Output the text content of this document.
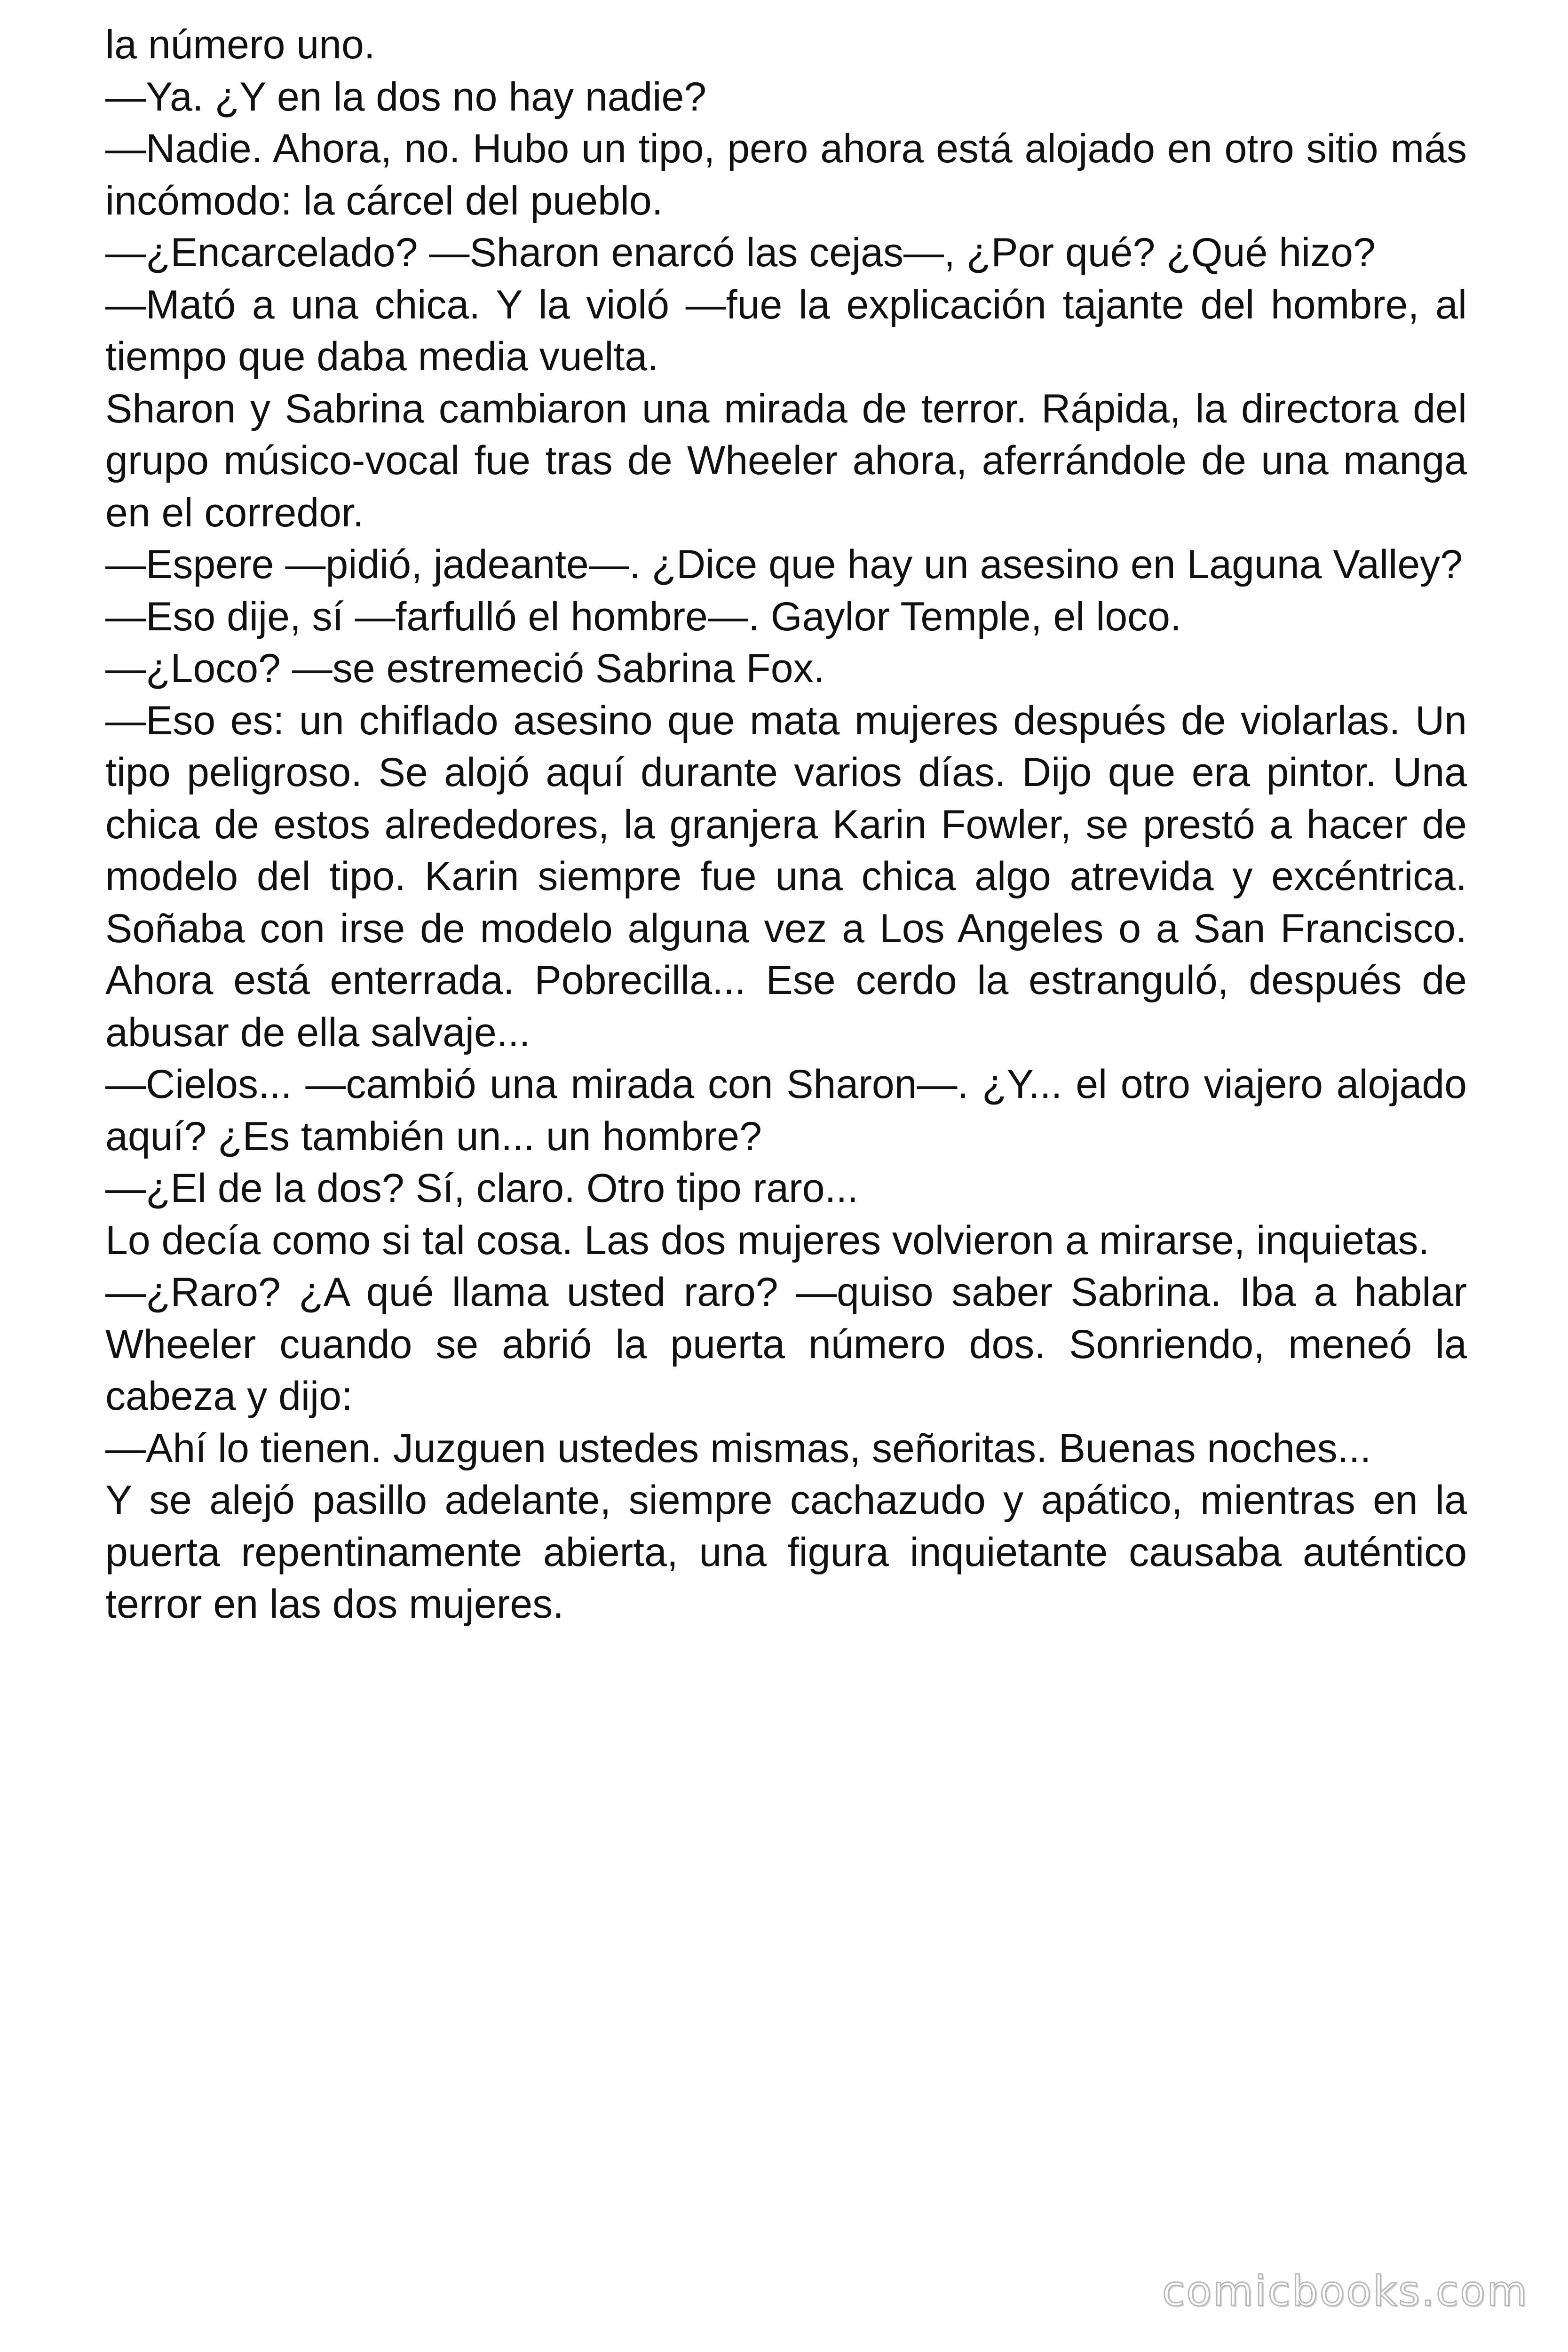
la número uno.

—Ya. ¿Y en la dos no hay nadie?

—Nadie. Ahora, no. Hubo un tipo, pero ahora está alojado en otro sitio más incómodo: la cárcel del pueblo.

—¿Encarcelado? —Sharon enarcó las cejas—, ¿Por qué? ¿Qué hizo?

—Mató a una chica. Y la violó —fue la explicación tajante del hombre, al tiempo que daba media vuelta.

Sharon y Sabrina cambiaron una mirada de terror. Rápida, la directora del grupo músico-vocal fue tras de Wheeler ahora, aferrándole de una manga en el corredor.

—Espere —pidió, jadeante—. ¿Dice que hay un asesino en Laguna Valley?

—Eso dije, sí —farfulló el hombre—. Gaylor Temple, el loco.

—¿Loco? —se estremeció Sabrina Fox.

—Eso es: un chiflado asesino que mata mujeres después de violarlas. Un tipo peligroso. Se alojó aquí durante varios días. Dijo que era pintor. Una chica de estos alrededores, la granjera Karin Fowler, se prestó a hacer de modelo del tipo. Karin siempre fue una chica algo atrevida y excéntrica. Soñaba con irse de modelo alguna vez a Los Angeles o a San Francisco. Ahora está enterrada. Pobrecilla... Ese cerdo la estranguló, después de abusar de ella salvaje...

—Cielos... —cambió una mirada con Sharon—. ¿Y... el otro viajero alojado aquí? ¿Es también un... un hombre?

—¿El de la dos? Sí, claro. Otro tipo raro...

Lo decía como si tal cosa. Las dos mujeres volvieron a mirarse, inquietas.

—¿Raro? ¿A qué llama usted raro? —quiso saber Sabrina. Iba a hablar Wheeler cuando se abrió la puerta número dos. Sonriendo, meneó la cabeza y dijo:

—Ahí lo tienen. Juzguen ustedes mismas, señoritas. Buenas noches...

Y se alejó pasillo adelante, siempre cachazudo y apático, mientras en la puerta repentinamente abierta, una figura inquietante causaba auténtico terror en las dos mujeres.

comicbooks.com
